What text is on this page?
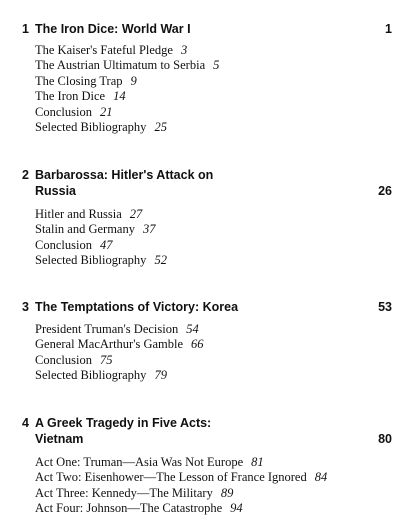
1 The Iron Dice: World War I	1
The Kaiser's Fateful Pledge 3
The Austrian Ultimatum to Serbia 5
The Closing Trap 9
The Iron Dice 14
Conclusion 21
Selected Bibliography 25
2 Barbarossa: Hitler's Attack on
Russia	26
Hitler and Russia 27
Stalin and Germany 37
Conclusion 47
Selected Bibliography 52
3 The Temptations of Victory: Korea	53
President Truman's Decision 54
General MacArthur's Gamble 66
Conclusion 75
Selected Bibliography 79
4 A Greek Tragedy in Five Acts:
Vietnam	80
Act One: Truman—Asia Was Not Europe 81
Act Two: Eisenhower—The Lesson of France Ignored 84
Act Three: Kennedy—The Military 89
Act Four: Johnson—The Catastrophe 94
